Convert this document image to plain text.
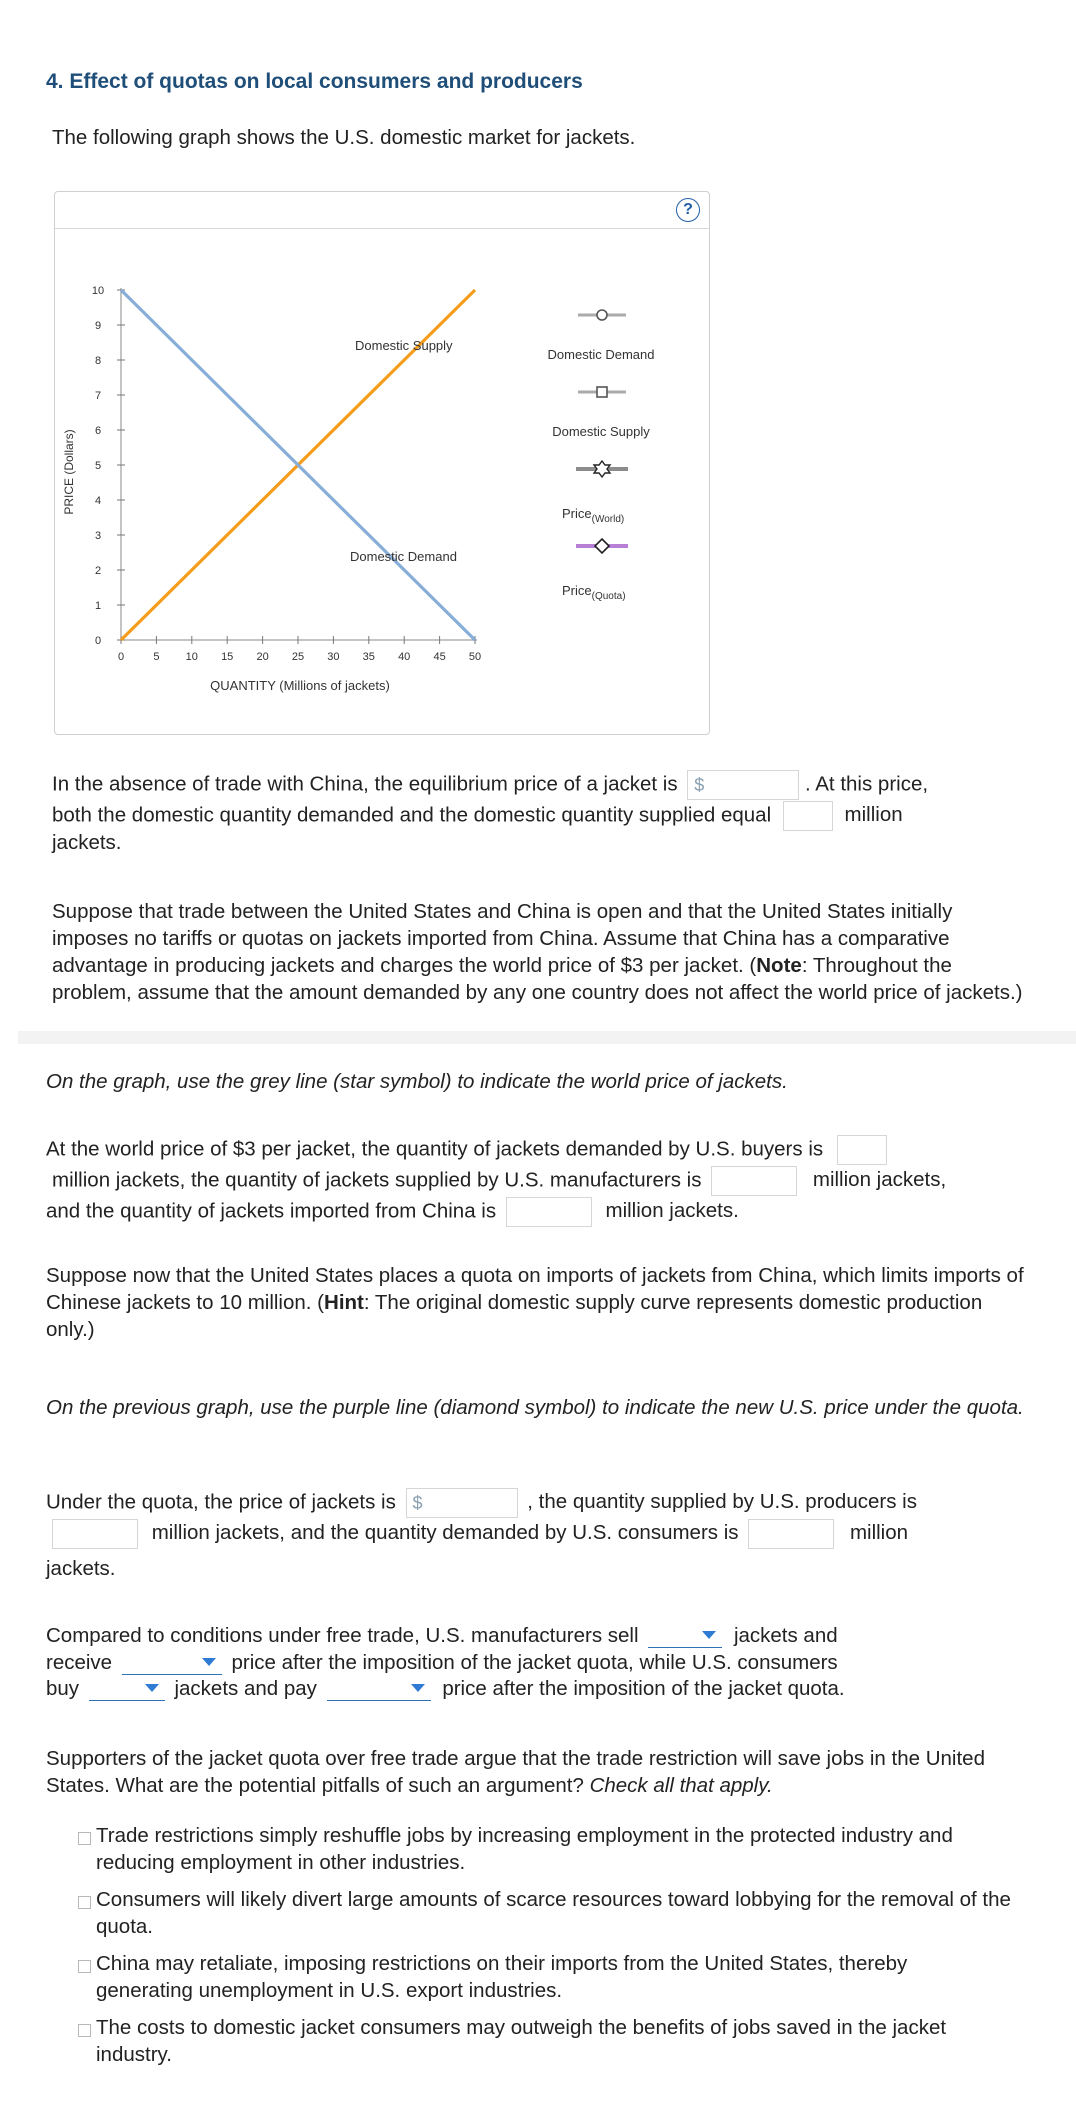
4. Effect of quotas on local consumers and producers
The following graph shows the U.S. domestic market for jackets.
?
0
1
2
3
4
5
6
7
8
9
10
0	5 10 15 20 25 30 35 40 45 50
PRICE (Dollars)
QUANTITY (Millions of jackets)
Domestic Supply
Domestic Demand
Domestic Demand
Domestic Supply
Price$_{(World)}$
Price$_{(Quota)}$
In the absence of trade with China, the equilibrium price of a jacket is $	. At this price,
both the domestic quantity demanded and the domestic quantity supplied equal	million
jackets.
Suppose that trade between the United States and China is open and that the United States initially imposes no tariffs or quotas on jackets imported from China. Assume that China has a comparative advantage in producing jackets and charges the world price of $3 per jacket. (Note: Throughout the problem, assume that the amount demanded by any one country does not affect the world price of jackets.)
On the graph, use the grey line (star symbol) to indicate the world price of jackets.
At the world price of $3 per jacket, the quantity of jackets demanded by U.S. buyers is
million jackets, the quantity of jackets supplied by U.S. manufacturers is	million jackets,
and the quantity of jackets imported from China is	million jackets.
Suppose now that the United States places a quota on imports of jackets from China, which limits imports of Chinese jackets to 10 million. (Hint: The original domestic supply curve represents domestic production only.)
On the previous graph, use the purple line (diamond symbol) to indicate the new U.S. price under the quota.
Under the quota, the price of jackets is $	, the quantity supplied by U.S. producers is
million jackets, and the quantity demanded by U.S. consumers is	million
jackets.
Compared to conditions under free trade, U.S. manufacturers sell	jackets and
receive	price after the imposition of the jacket quota, while U.S. consumers
buy	jackets and pay	price after the imposition of the jacket quota.
Supporters of the jacket quota over free trade argue that the trade restriction will save jobs in the United States. What are the potential pitfalls of such an argument? Check all that apply.
Trade restrictions simply reshuffle jobs by increasing employment in the protected industry and reducing employment in other industries.
Consumers will likely divert large amounts of scarce resources toward lobbying for the removal of the quota.
China may retaliate, imposing restrictions on their imports from the United States, thereby generating unemployment in U.S. export industries.
The costs to domestic jacket consumers may outweigh the benefits of jobs saved in the jacket industry.
